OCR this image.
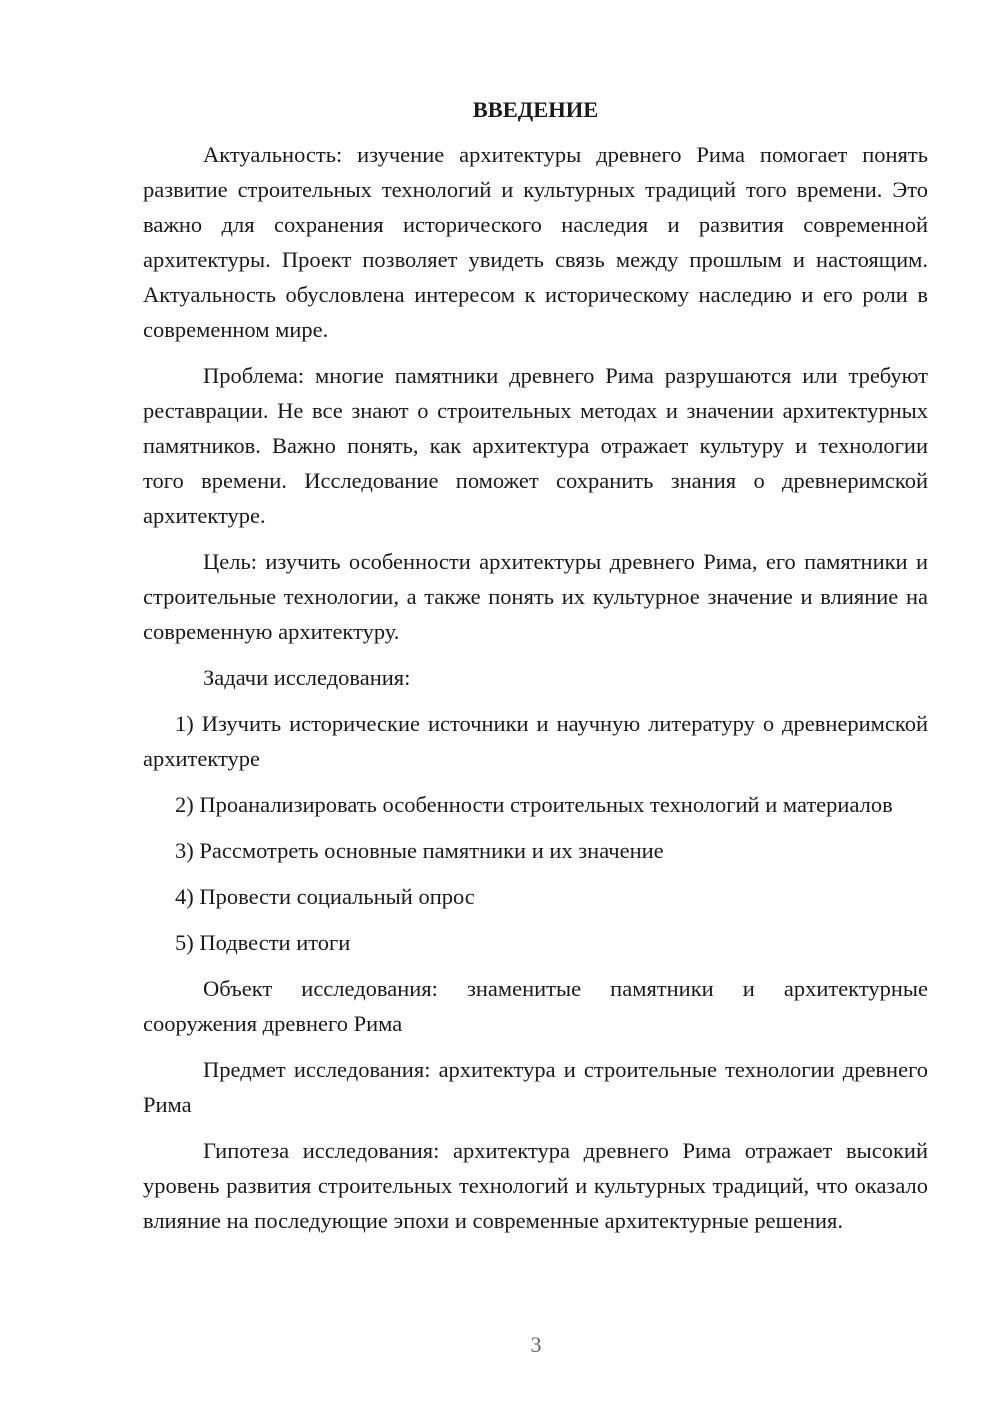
ВВЕДЕНИЕ

Актуальность: изучение архитектуры древнего Рима помогает понять развитие строительных технологий и культурных традиций того времени. Это важно для сохранения исторического наследия и развития современной архитектуры. Проект позволяет увидеть связь между прошлым и настоящим. Актуальность обусловлена интересом к историческому наследию и его роли в современном мире.

Проблема: многие памятники древнего Рима разрушаются или требуют реставрации. Не все знают о строительных методах и значении архитектурных памятников. Важно понять, как архитектура отражает культуру и технологии того времени. Исследование поможет сохранить знания о древнеримской архитектуре.

Цель: изучить особенности архитектуры древнего Рима, его памятники и строительные технологии, а также понять их культурное значение и влияние на современную архитектуру.

Задачи исследования:

1) Изучить исторические источники и научную литературу о древнеримской архитектуре

2) Проанализировать особенности строительных технологий и материалов

3) Рассмотреть основные памятники и их значение

4) Провести социальный опрос

5) Подвести итоги

Объект исследования: знаменитые памятники и архитектурные сооружения древнего Рима

Предмет исследования: архитектура и строительные технологии древнего Рима

Гипотеза исследования: архитектура древнего Рима отражает высокий уровень развития строительных технологий и культурных традиций, что оказало влияние на последующие эпохи и современные архитектурные решения.

3
